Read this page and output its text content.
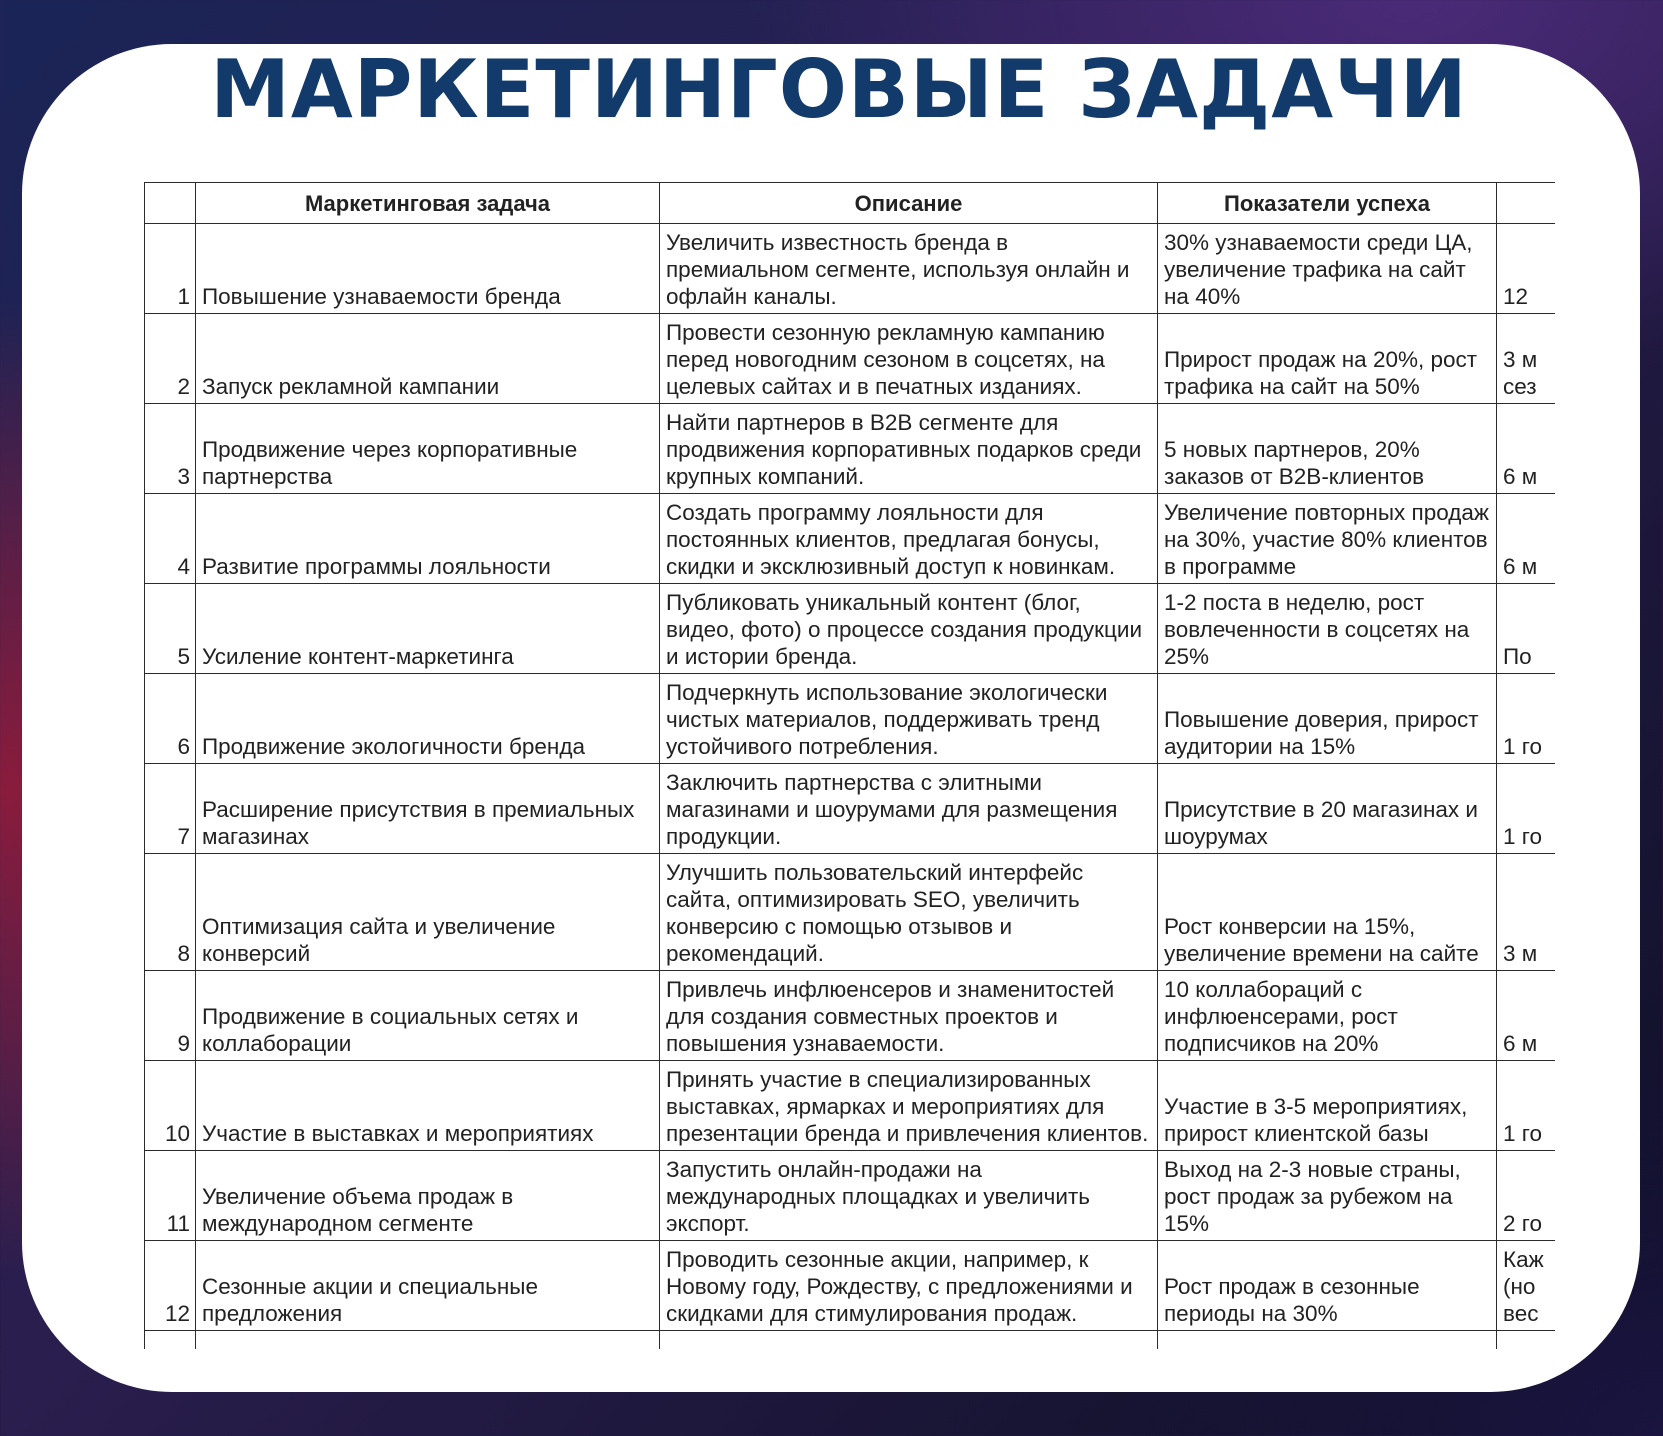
	Маркетинговая задача	Описание	Показатели успеха	
1	Повышение узнаваемости бренда	Увеличить известность бренда в
премиальном сегменте, используя онлайн и
офлайн каналы.	30% узнаваемости среди ЦА,
увеличение трафика на сайт
на 40%	12

2	Запуск рекламной кампании	Провести сезонную рекламную кампанию
перед новогодним сезоном в соцсетях, на
целевых сайтах и в печатных изданиях.	Прирост продаж на 20%, рост
трафика на сайт на 50%	3 м
сез

3	Продвижение через корпоративные
партнерства	Найти партнеров в B2B сегменте для
продвижения корпоративных подарков среди
крупных компаний.	5 новых партнеров, 20%
заказов от B2B-клиентов	6 м

4	Развитие программы лояльности	Создать программу лояльности для
постоянных клиентов, предлагая бонусы,
скидки и эксклюзивный доступ к новинкам.	Увеличение повторных продаж
на 30%, участие 80% клиентов
в программе	6 м

5	Усиление контент-маркетинга	Публиковать уникальный контент (блог,
видео, фото) о процессе создания продукции
и истории бренда.	1-2 поста в неделю, рост
вовлеченности в соцсетях на
25%	По

6	Продвижение экологичности бренда	Подчеркнуть использование экологически
чистых материалов, поддерживать тренд
устойчивого потребления.	Повышение доверия, прирост
аудитории на 15%	1 го

7	Расширение присутствия в премиальных
магазинах	Заключить партнерства с элитными
магазинами и шоурумами для размещения
продукции.	Присутствие в 20 магазинах и
шоурумах	1 го

8	Оптимизация сайта и увеличение
конверсий	Улучшить пользовательский интерфейс
сайта, оптимизировать SEO, увеличить
конверсию с помощью отзывов и
рекомендаций.	Рост конверсии на 15%,
увеличение времени на сайте	3 м

9	Продвижение в социальных сетях и
коллаборации	Привлечь инфлюенсеров и знаменитостей
для создания совместных проектов и
повышения узнаваемости.	10 коллабораций с
инфлюенсерами, рост
подписчиков на 20%	6 м

10	Участие в выставках и мероприятиях	Принять участие в специализированных
выставках, ярмарках и мероприятиях для
презентации бренда и привлечения клиентов.	Участие в 3-5 мероприятиях,
прирост клиентской базы	1 го

11	Увеличение объема продаж в
международном сегменте	Запустить онлайн-продажи на
международных площадках и увеличить
экспорт.	Выход на 2-3 новые страны,
рост продаж за рубежом на
15%	2 го

12	Сезонные акции и специальные
предложения	Проводить сезонные акции, например, к
Новому году, Рождеству, с предложениями и
скидками для стимулирования продаж.	Рост продаж в сезонные
периоды на 30%	Каж
(но
вес

МАРКЕТИНГОВЫЕ ЗАДАЧИ
